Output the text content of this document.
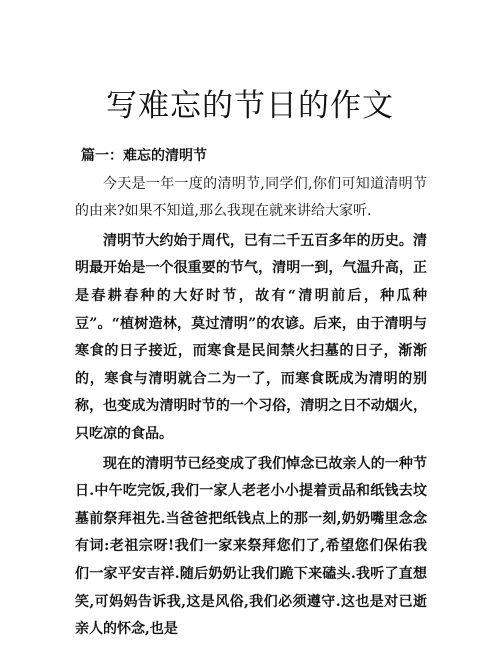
写难忘的节日的作文

篇一：难忘的清明节

今天是一年一度的清明节,同学们,你们可知道清明节的由来?如果不知道,那么我现在就来讲给大家听.

清明节大约始于周代，已有二千五百多年的历史。清明最开始是一个很重要的节气，清明一到，气温升高，正是春耕春种的大好时节，故有“清明前后，种瓜种豆”。“植树造林，莫过清明”的农谚。后来，由于清明与寒食的日子接近，而寒食是民间禁火扫墓的日子，渐渐的，寒食与清明就合二为一了，而寒食既成为清明的别称，也变成为清明时节的一个习俗，清明之日不动烟火，只吃凉的食品。

现在的清明节已经变成了我们悼念已故亲人的一种节日.中午吃完饭,我们一家人老老小小提着贡品和纸钱去坟墓前祭拜祖先.当爸爸把纸钱点上的那一刻,奶奶嘴里念念有词:老祖宗呀!我们一家来祭拜您们了,希望您们保佑我们一家平安吉祥.随后奶奶让我们跪下来磕头.我听了直想笑,可妈妈告诉我,这是风俗,我们必须遵守.这也是对已逝亲人的怀念,也是
